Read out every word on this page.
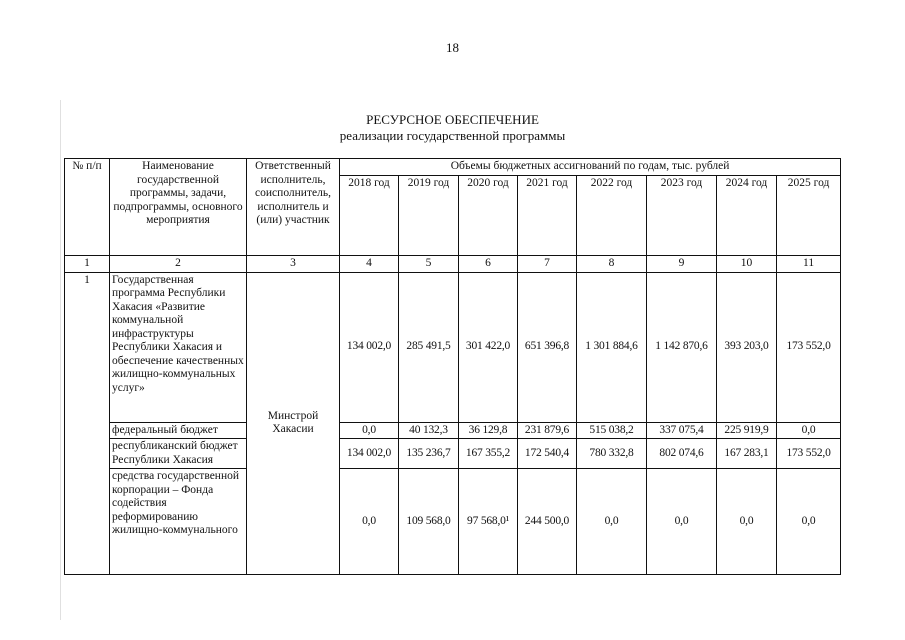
18
РЕСУРСНОЕ ОБЕСПЕЧЕНИЕ
реализации государственной программы
№ п/п	Наименование государственной программы, задачи, подпрограммы, основного мероприятия	Ответственный исполнитель, соисполнитель, исполнитель и (или) участник	Объемы бюджетных ассигнований по годам, тыс. рублей							
			2018 год	2019 год	2020 год	2021 год	2022 год	2023 год	2024 год	2025 год
1	2	3	4	5	6	7	8	9	10	11
1	Государственная программа Республики Хакасия «Развитие коммунальной инфраструктуры Республики Хакасия и обеспечение качественных жилищно-коммунальных услуг»	Минстрой Хакасии	134 002,0	285 491,5	301 422,0	651 396,8	1 301 884,6	1 142 870,6	393 203,0	173 552,0
	федеральный бюджет		0,0	40 132,3	36 129,8	231 879,6	515 038,2	337 075,4	225 919,9	0,0
	республиканский бюджет Республики Хакасия		134 002,0	135 236,7	167 355,2	172 540,4	780 332,8	802 074,6	167 283,1	173 552,0
	средства государственной корпорации – Фонда содействия реформированию жилищно-коммунального		0,0	109 568,0	97 568,0¹	244 500,0	0,0	0,0	0,0	0,0
